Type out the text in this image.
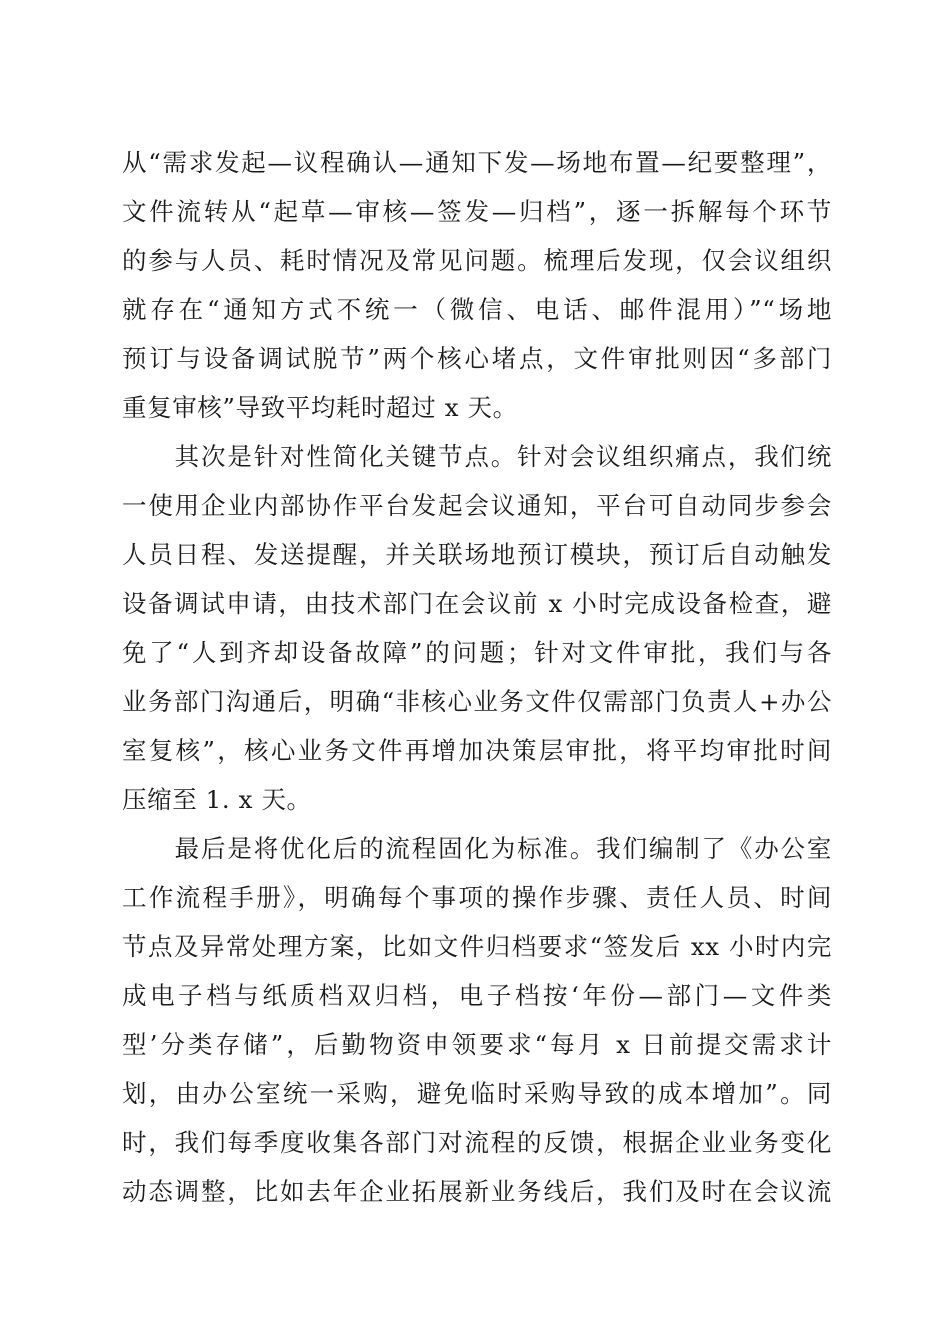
从“需求发起—议程确认—通知下发—场地布置—纪要整理”，
文件流转从“起草—审核—签发—归档”，逐一拆解每个环节
的参与人员、耗时情况及常见问题。梳理后发现，仅会议组织
就存在“通知方式不统一（微信、电话、邮件混用）”“场地
预订与设备调试脱节”两个核心堵点，文件审批则因“多部门
重复审核”导致平均耗时超过 x 天。
　　其次是针对性简化关键节点。针对会议组织痛点，我们统
一使用企业内部协作平台发起会议通知，平台可自动同步参会
人员日程、发送提醒，并关联场地预订模块，预订后自动触发
设备调试申请，由技术部门在会议前 x 小时完成设备检查，避
免了“人到齐却设备故障”的问题；针对文件审批，我们与各
业务部门沟通后，明确“非核心业务文件仅需部门负责人+办公
室复核”，核心业务文件再增加决策层审批，将平均审批时间
压缩至 1. x 天。
　　最后是将优化后的流程固化为标准。我们编制了《办公室
工作流程手册》，明确每个事项的操作步骤、责任人员、时间
节点及异常处理方案，比如文件归档要求“签发后 xx 小时内完
成电子档与纸质档双归档，电子档按‘年份—部门—文件类
型’分类存储”，后勤物资申领要求“每月 x 日前提交需求计
划，由办公室统一采购，避免临时采购导致的成本增加”。同
时，我们每季度收集各部门对流程的反馈，根据企业业务变化
动态调整，比如去年企业拓展新业务线后，我们及时在会议流
